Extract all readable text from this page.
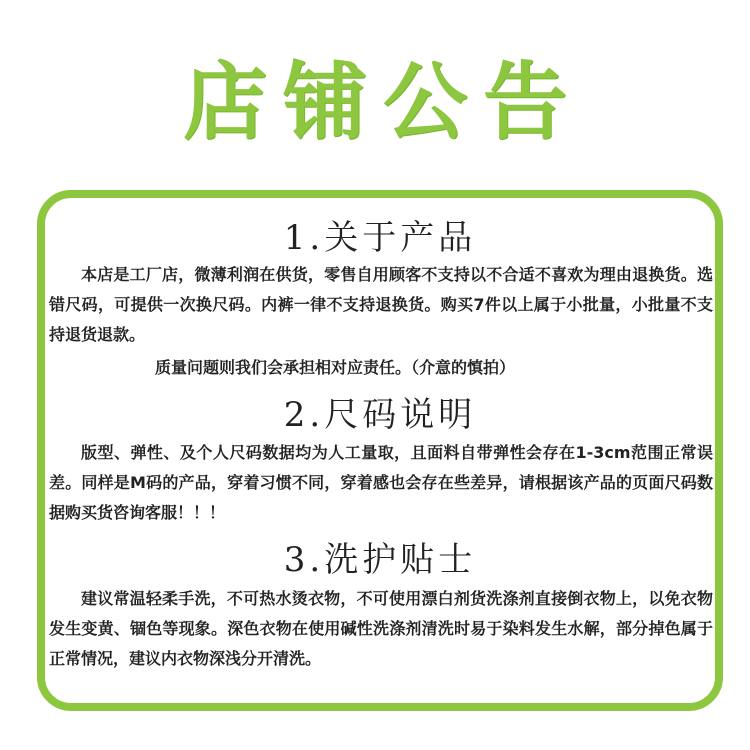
店铺公告
1.关于产品
本店是工厂店，微薄利润在供货，零售自用顾客不支持以不合适不喜欢为理由退换货。选错尺码，可提供一次换尺码。内裤一律不支持退换货。购买7件以上属于小批量，小批量不支持退货退款。
质量问题则我们会承担相对应责任。（介意的慎拍）
2.尺码说明
版型、弹性、及个人尺码数据均为人工量取，且面料自带弹性会存在1-3cm范围正常误差。同样是M码的产品，穿着习惯不同，穿着感也会存在些差异，请根据该产品的页面尺码数据购买货咨询客服！！！
3.洗护贴士
建议常温轻柔手洗，不可热水烫衣物，不可使用漂白剂货洗涤剂直接倒衣物上，以免衣物发生变黄、锢色等现象。深色衣物在使用碱性洗涤剂清洗时易于染料发生水解，部分掉色属于正常情况，建议内衣物深浅分开清洗。
